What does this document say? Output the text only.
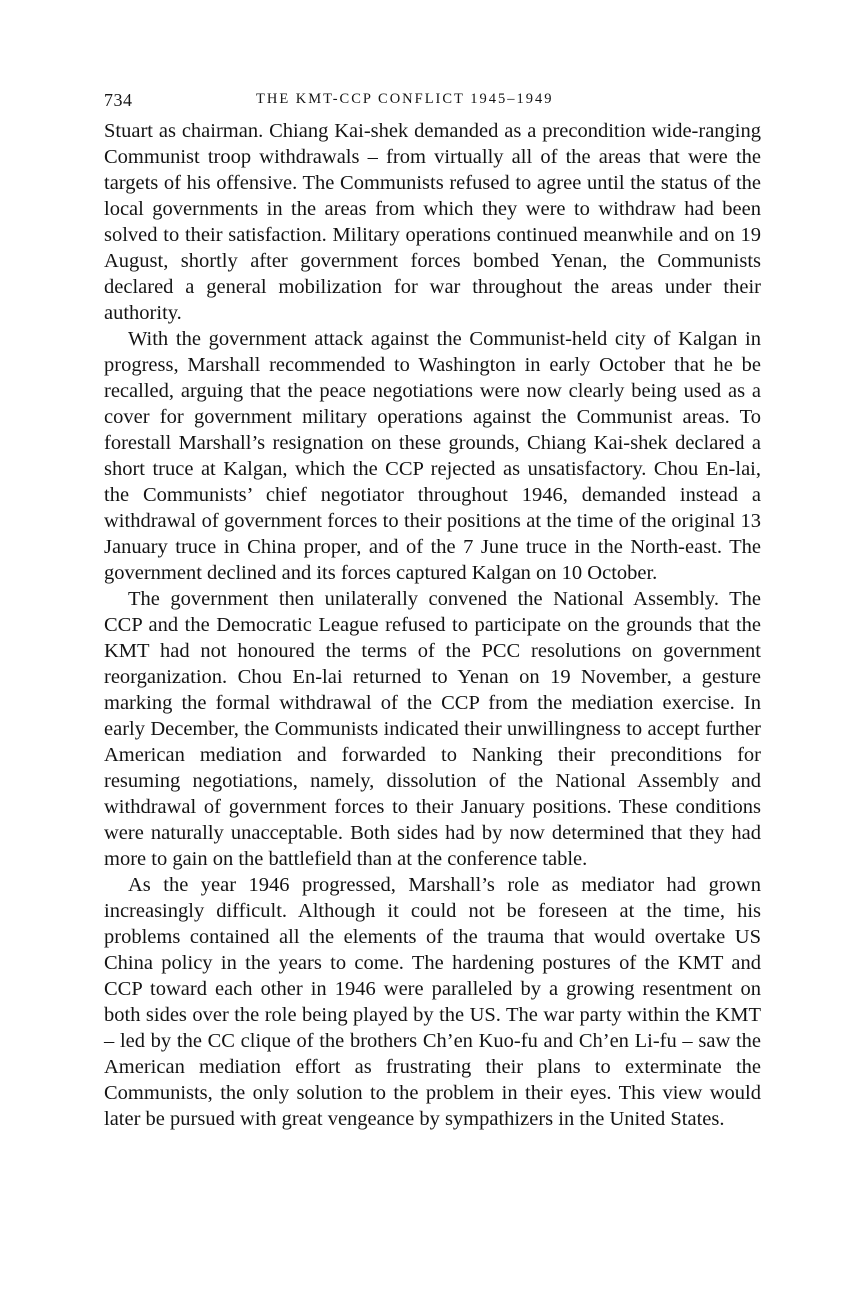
734	THE KMT-CCP CONFLICT 1945–1949

Stuart as chairman. Chiang Kai-shek demanded as a precondition wide-ranging Communist troop withdrawals – from virtually all of the areas that were the targets of his offensive. The Communists refused to agree until the status of the local governments in the areas from which they were to withdraw had been solved to their satisfaction. Military operations continued meanwhile and on 19 August, shortly after government forces bombed Yenan, the Communists declared a general mobilization for war throughout the areas under their authority.

With the government attack against the Communist-held city of Kalgan in progress, Marshall recommended to Washington in early October that he be recalled, arguing that the peace negotiations were now clearly being used as a cover for government military operations against the Communist areas. To forestall Marshall’s resignation on these grounds, Chiang Kai-shek declared a short truce at Kalgan, which the CCP rejected as unsatisfactory. Chou En-lai, the Communists’ chief negotiator throughout 1946, demanded instead a withdrawal of government forces to their positions at the time of the original 13 January truce in China proper, and of the 7 June truce in the North-east. The government declined and its forces captured Kalgan on 10 October.

The government then unilaterally convened the National Assembly. The CCP and the Democratic League refused to participate on the grounds that the KMT had not honoured the terms of the PCC resolutions on government reorganization. Chou En-lai returned to Yenan on 19 November, a gesture marking the formal withdrawal of the CCP from the mediation exercise. In early December, the Communists indicated their unwillingness to accept further American mediation and forwarded to Nanking their preconditions for resuming negotiations, namely, dissolution of the National Assembly and withdrawal of government forces to their January positions. These conditions were naturally unacceptable. Both sides had by now determined that they had more to gain on the battlefield than at the conference table.

As the year 1946 progressed, Marshall’s role as mediator had grown increasingly difficult. Although it could not be foreseen at the time, his problems contained all the elements of the trauma that would overtake US China policy in the years to come. The hardening postures of the KMT and CCP toward each other in 1946 were paralleled by a growing resentment on both sides over the role being played by the US. The war party within the KMT – led by the CC clique of the brothers Ch’en Kuo-fu and Ch’en Li-fu – saw the American mediation effort as frustrating their plans to exterminate the Communists, the only solution to the problem in their eyes. This view would later be pursued with great vengeance by sympathizers in the United States.
